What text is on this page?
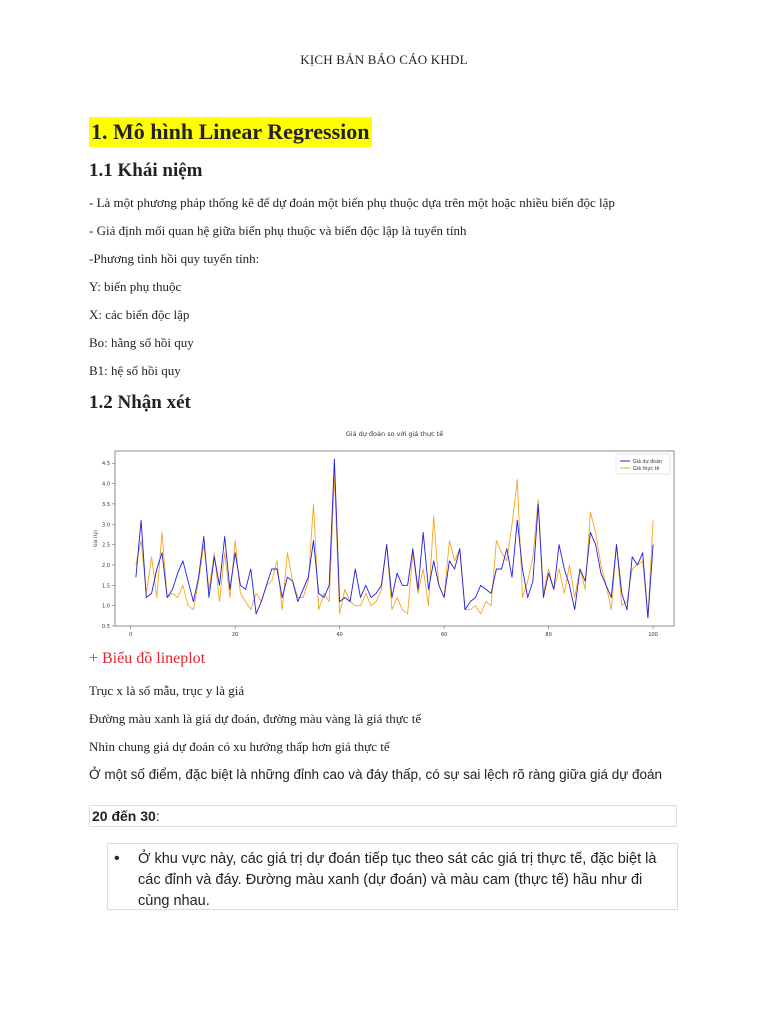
KỊCH BẢN BÁO CÁO KHDL
1. Mô hình Linear Regression
1.1 Khái niệm
- Là một phương pháp thống kê để dự đoán một biến phụ thuộc dựa trên một hoặc nhiều biến độc lập
- Giả định mối quan hệ giữa biến phụ thuộc và biến độc lập là tuyến tính
-Phương tình hồi quy tuyến tính:
Y: biến phụ thuộc
X: các biến độc lập
Bo: hằng số hồi quy
B1: hệ số hồi quy
1.2 Nhận xét
Giá dự đoán so với giá thực tế
0.5
1.0
1.5
2.0
2.5
3.0
3.5
4.0
4.5
0	20	40	60	80	100
Giá (tỷ)
Giá dự đoán
Giá thực tế
+ Biểu đồ lineplot
Trục x là số mẫu, trục y là giá
Đường màu xanh là giá dự đoán, đường màu vàng là giá thực tế
Nhìn chung giá dự đoán có xu hướng thấp hơn giá thực tế
Ở một số điểm, đặc biệt là những đỉnh cao và đáy thấp, có sự sai lệch rõ ràng giữa giá dự đoán
20 đến 30:
• Ở khu vực này, các giá trị dự đoán tiếp tục theo sát các giá trị thực tế, đặc biệt là các đỉnh và đáy. Đường màu xanh (dự đoán) và màu cam (thực tế) hầu như đi cùng nhau.
